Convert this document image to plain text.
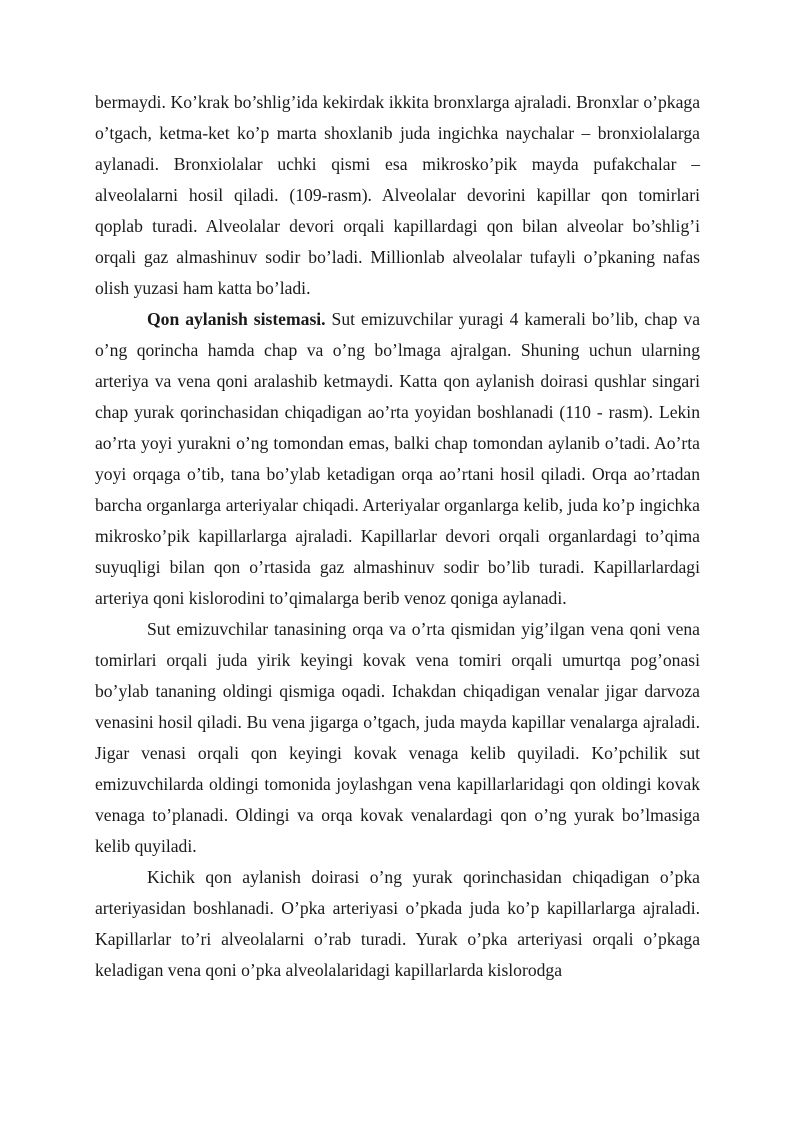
bermaydi. Ko’krak bo’shlig’ida kekirdak ikkita bronxlarga ajraladi. Bronxlar o’pkaga o’tgach, ketma-ket ko’p marta shoxlanib juda ingichka naychalar – bronxiolalarga aylanadi. Bronxiolalar uchki qismi esa mikrosko’pik mayda pufakchalar – alveolalarni hosil qiladi. (109-rasm). Alveolalar devorini kapillar qon tomirlari qoplab turadi. Alveolalar devori orqali kapillardagi qon bilan alveolar bo’shlig’i orqali gaz almashinuv sodir bo’ladi. Millionlab alveolalar tufayli o’pkaning nafas olish yuzasi ham katta bo’ladi.

Qon aylanish sistemasi. Sut emizuvchilar yuragi 4 kamerali bo’lib, chap va o’ng qorincha hamda chap va o’ng bo’lmaga ajralgan. Shuning uchun ularning arteriya va vena qoni aralashib ketmaydi. Katta qon aylanish doirasi qushlar singari chap yurak qorinchasidan chiqadigan ao’rta yoyidan boshlanadi (110 - rasm). Lekin ao’rta yoyi yurakni o’ng tomondan emas, balki chap tomondan aylanib o’tadi. Ao’rta yoyi orqaga o’tib, tana bo’ylab ketadigan orqa ao’rtani hosil qiladi. Orqa ao’rtadan barcha organlarga arteriyalar chiqadi. Arteriyalar organlarga kelib, juda ko’p ingichka mikrosko’pik kapillarlarga ajraladi. Kapillarlar devori orqali organlardagi to’qima suyuqligi bilan qon o’rtasida gaz almashinuv sodir bo’lib turadi. Kapillarlardagi arteriya qoni kislorodini to’qimalarga berib venoz qoniga aylanadi.

Sut emizuvchilar tanasining orqa va o’rta qismidan yig’ilgan vena qoni vena tomirlari orqali juda yirik keyingi kovak vena tomiri orqali umurtqa pog’onasi bo’ylab tananing oldingi qismiga oqadi. Ichakdan chiqadigan venalar jigar darvoza venasini hosil qiladi. Bu vena jigarga o’tgach, juda mayda kapillar venalarga ajraladi. Jigar venasi orqali qon keyingi kovak venaga kelib quyiladi. Ko’pchilik sut emizuvchilarda oldingi tomonida joylashgan vena kapillarlaridagi qon oldingi kovak venaga to’planadi. Oldingi va orqa kovak venalardagi qon o’ng yurak bo’lmasiga kelib quyiladi.

Kichik qon aylanish doirasi o’ng yurak qorinchasidan chiqadigan o’pka arteriyasidan boshlanadi. O’pka arteriyasi o’pkada juda ko’p kapillarlarga ajraladi. Kapillarlar to’ri alveolalarni o’rab turadi. Yurak o’pka arteriyasi orqali o’pkaga keladigan vena qoni o’pka alveolalaridagi kapillarlarda kislorodga
